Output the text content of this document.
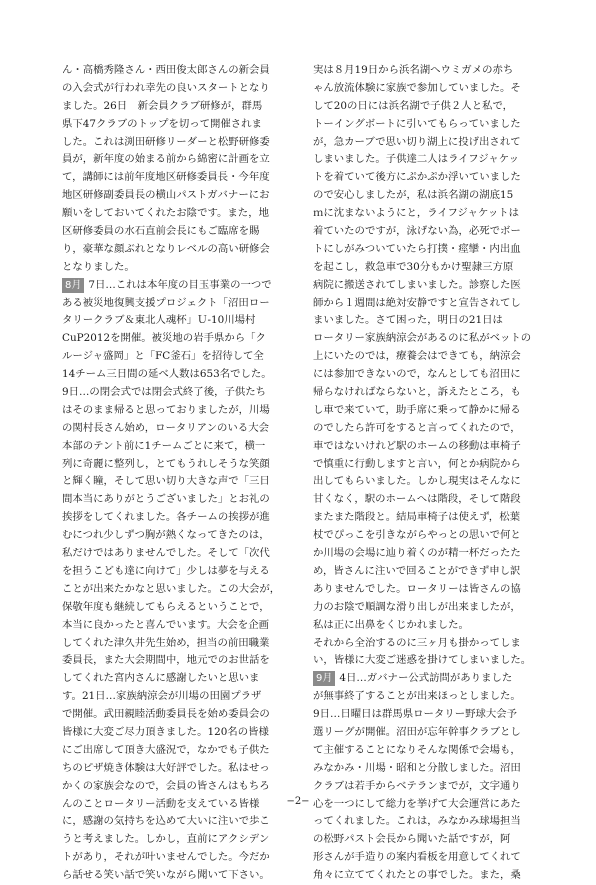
ん・高橋秀隆さん・西田俊太郎さんの新会員
の入会式が行われ幸先の良いスタートとなり
ました。26日　新会員クラブ研修が，群馬
県下47クラブのトップを切って開催されま
した。これは渕田研修リーダーと松野研修委
員が，新年度の始まる前から綿密に計画を立
て，講師には前年度地区研修委員長・今年度
地区研修副委員長の横山パストガバナーにお
願いをしておいてくれたお陰です。また，地
区研修委員の水石直前会長にもご臨席を賜
り，豪華な顔ぶれとなりレベルの高い研修会
となりました。
8月 7日…これは本年度の目玉事業の一つで
ある被災地復興支援プロジェクト「沼田ロー
タリークラブ＆東北人魂杯」Ｕ‐10川場村
CuP2012を開催。被災地の岩手県から「ク
ルージャ盛岡」と「FC釜石」を招待して全
14チーム三日間の延べ人数は653名でした。
9日…の閉会式では閉会式終了後，子供たち
はそのまま帰ると思っておりましたが，川場
の関村長さん始め，ロータリアンのいる大会
本部のテント前に1チームごとに来て，横一
列に奇麗に整列し，とてもうれしそうな笑顔
と輝く瞳，そして思い切り大きな声で「三日
間本当にありがとうございました」とお礼の
挨拶をしてくれました。各チームの挨拶が進
むにつれ少しずつ胸が熱くなってきたのは，
私だけではありませんでした。そして「次代
を担うこども達に向けて」少しは夢を与える
ことが出来たかなと思いました。この大会が，
保敬年度も継続してもらえるということで，
本当に良かったと喜んでいます。大会を企画
してくれた津久井先生始め，担当の前田職業
委員長，また大会期間中，地元でのお世話を
してくれた宮内さんに感謝したいと思いま
す。21日…家族納涼会が川場の田園プラザ
で開催。武田親睦活動委員長を始め委員会の
皆様に大変ご尽力頂きました。120名の皆様
にご出席して頂き大盛況で，なかでも子供た
ちのピザ焼き体験は大好評でした。私はせっ
かくの家族会なので，会員の皆さんはもちろ
んのことロータリー活動を支えている皆様
に，感謝の気持ちを込めて大いに注いで歩こ
うと考えました。しかし，直前にアクシデン
トがあり，それが叶いませんでした。今だか
ら話せる笑い話で笑いながら聞いて下さい。
実は８月19日から浜名湖へウミガメの赤ち
ゃん放流体験に家族で参加していました。そ
して20の日には浜名湖で子供２人と私で，
トーイングボートに引いてもらっていました
が，急カーブで思い切り湖上に投げ出されて
しまいました。子供達二人はライフジャケッ
トを着ていて後方にぷかぷか浮いていました
ので安心しましたが，私は浜名湖の湖底15
ｍに沈まないようにと，ライフジャケットは
着ていたのですが，泳げない為，必死でボー
トにしがみついていたら打撲・痙攣・内出血
を起こし，救急車で30分もかけ聖隷三方原
病院に搬送されてしまいました。診察した医
師から１週間は絶対安静ですと宣告されてし
まいました。さて困った，明日の21日は
ロータリー家族納涼会があるのに私がベットの
上にいたのでは，療養会はできても，納涼会
には参加できないので，なんとしても沼田に
帰らなければならないと，訴えたところ，も
し車で来ていて，助手席に乗って静かに帰る
のでしたら許可をすると言ってくれたので，
車ではないけれど駅のホームの移動は車椅子
で慎重に行動しますと言い，何とか病院から
出してもらいました。しかし現実はそんなに
甘くなく，駅のホームへは階段，そして階段
またまた階段と。結局車椅子は使えず，松葉
杖でぴっこを引きながらやっとの思いで何と
か川場の会場に辿り着くのが精一杯だったた
め，皆さんに注いで回ることができず申し訳
ありませんでした。ロータリーは皆さんの協
力のお陰で順調な滑り出しが出来ましたが，
私は正に出鼻をくじかれました。
それから全治するのに三ヶ月も掛かってしま
い，皆様に大変ご迷惑を掛けてしまいました。
9月 4日…ガバナー公式訪問がありました
が無事終了することが出来ほっとしました。
9日…日曜日は群馬県ロータリー野球大会予
選リーグが開催。沼田が忘年幹事クラブとし
て主催することになりそんな関係で会場も，
みなかみ・川場・昭和と分散しました。沼田
クラブは若手からベテランまでが，文字通り
心を一つにして総力を挙げて大会運営にあた
ってくれました。これは，みなかみ球場担当
の松野パスト会長から聞いた話ですが，阿
形さんが手造りの案内看板を用意してくれて
角々に立ててくれたとの事でした。また，桑
−2−
